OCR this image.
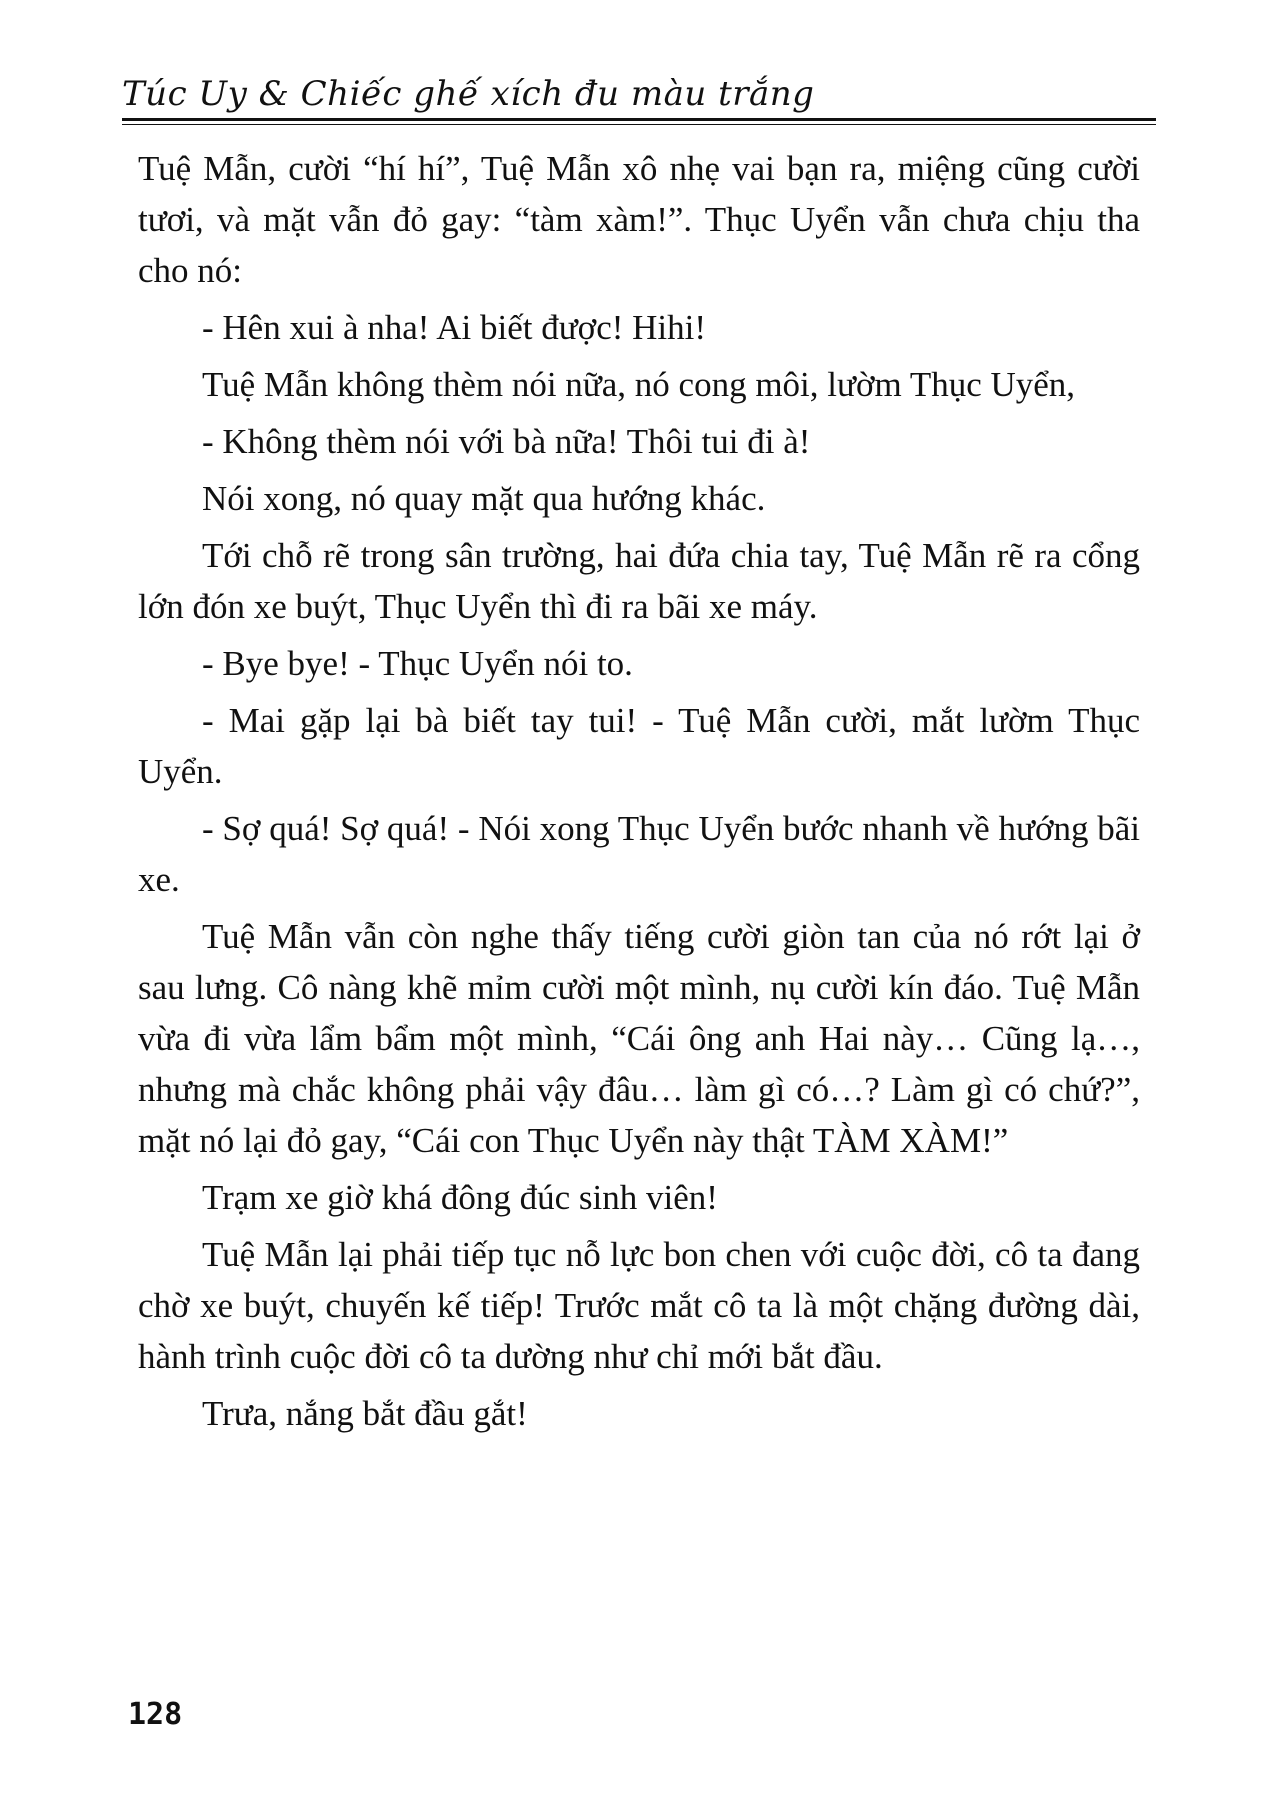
Túc Uy & Chiếc ghế xích đu màu trắng

Tuệ Mẫn, cười “hí hí”, Tuệ Mẫn xô nhẹ vai bạn ra, miệng cũng cười tươi, và mặt vẫn đỏ gay: “tàm xàm!”. Thục Uyển vẫn chưa chịu tha cho nó:

- Hên xui à nha! Ai biết được! Hihi!

Tuệ Mẫn không thèm nói nữa, nó cong môi, lườm Thục Uyển,

- Không thèm nói với bà nữa! Thôi tui đi à!

Nói xong, nó quay mặt qua hướng khác.

Tới chỗ rẽ trong sân trường, hai đứa chia tay, Tuệ Mẫn rẽ ra cổng lớn đón xe buýt, Thục Uyển thì đi ra bãi xe máy.

- Bye bye! - Thục Uyển nói to.

- Mai gặp lại bà biết tay tui! - Tuệ Mẫn cười, mắt lườm Thục Uyển.

- Sợ quá! Sợ quá! - Nói xong Thục Uyển bước nhanh về hướng bãi xe.

Tuệ Mẫn vẫn còn nghe thấy tiếng cười giòn tan của nó rớt lại ở sau lưng. Cô nàng khẽ mỉm cười một mình, nụ cười kín đáo. Tuệ Mẫn vừa đi vừa lẩm bẩm một mình, “Cái ông anh Hai này… Cũng lạ…, nhưng mà chắc không phải vậy đâu… làm gì có…? Làm gì có chứ?”, mặt nó lại đỏ gay, “Cái con Thục Uyển này thật TÀM XÀM!”

Trạm xe giờ khá đông đúc sinh viên!

Tuệ Mẫn lại phải tiếp tục nỗ lực bon chen với cuộc đời, cô ta đang chờ xe buýt, chuyến kế tiếp! Trước mắt cô ta là một chặng đường dài, hành trình cuộc đời cô ta dường như chỉ mới bắt đầu.

Trưa, nắng bắt đầu gắt!

128
